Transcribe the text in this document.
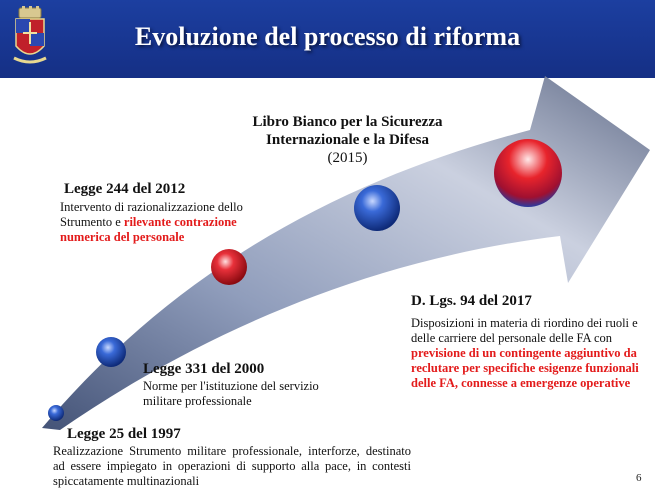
Evoluzione del processo di riforma
Libro Bianco per la Sicurezza Internazionale e la Difesa
(2015)
Legge 244 del 2012
Intervento di razionalizzazione dello Strumento e rilevante contrazione numerica del personale
D. Lgs. 94 del 2017
Disposizioni in materia di riordino dei ruoli e delle carriere del personale delle FA con previsione di un contingente aggiuntivo da reclutare per specifiche esigenze funzionali delle FA, connesse a emergenze operative
Legge 331 del 2000
Norme per l'istituzione del servizio militare professionale
Legge 25 del 1997
Realizzazione Strumento militare professionale, interforze, destinato ad essere impiegato in operazioni di supporto alla pace, in contesti spiccatamente multinazionali	6
